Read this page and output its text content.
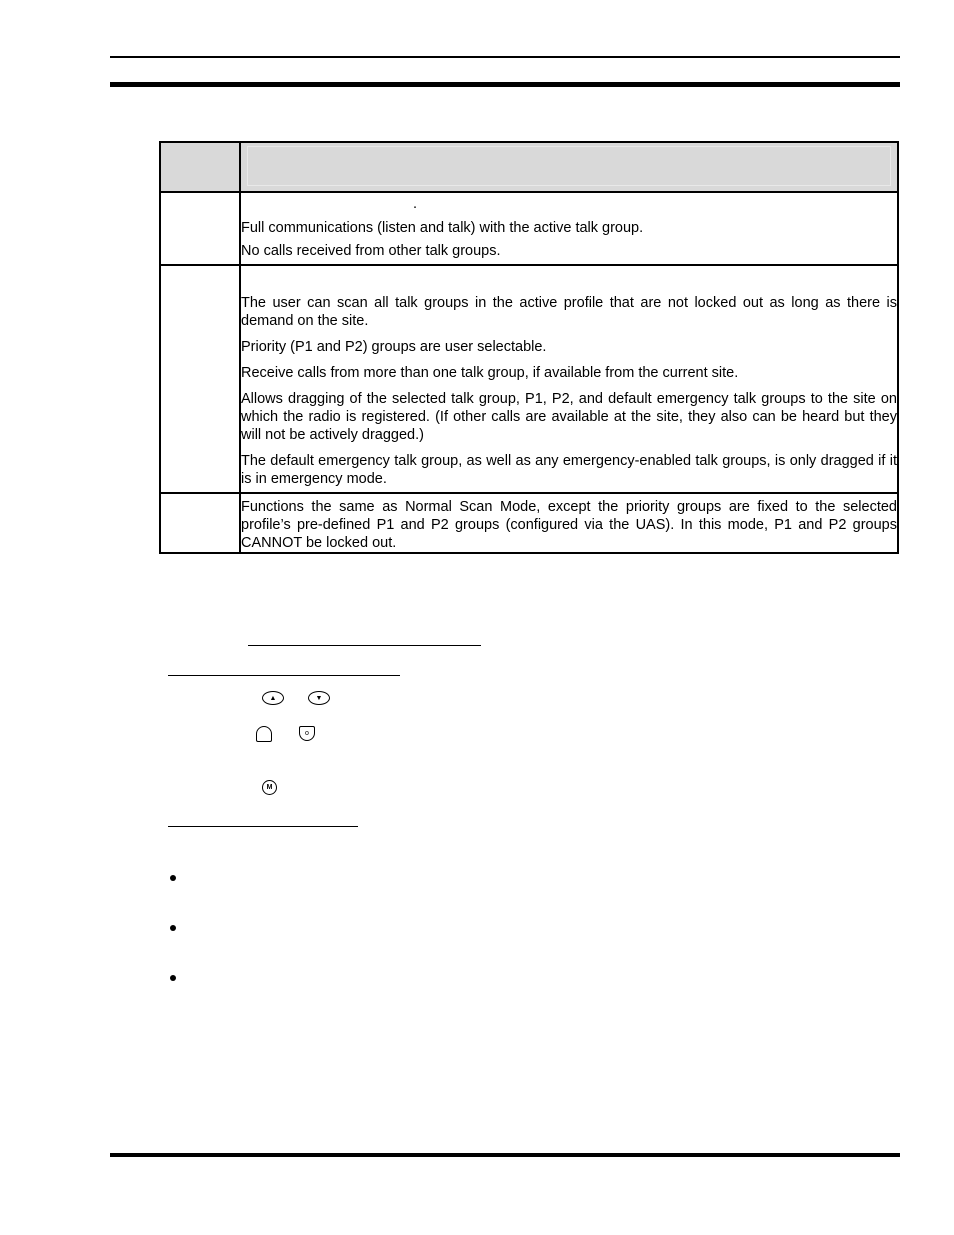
	.

Full communications (listen and talk) with the active talk group.

No calls received from other talk groups.

	The user can scan all talk groups in the active profile that are not locked out as long as there is demand on the site.

Priority (P1 and P2) groups are user selectable.

Receive calls from more than one talk group, if available from the current site.

Allows dragging of the selected talk group, P1, P2, and default emergency talk groups to the site on which the radio is registered. (If other calls are available at the site, they also can be heard but they will not be actively dragged.)

The default emergency talk group, as well as any emergency-enabled talk groups, is only dragged if it is in emergency mode.

	Functions the same as Normal Scan Mode, except the priority groups are fixed to the selected profile’s pre-defined P1 and P2 groups (configured via the UAS). In this mode, P1 and P2 groups CANNOT be locked out.

▲	▼
o
M
